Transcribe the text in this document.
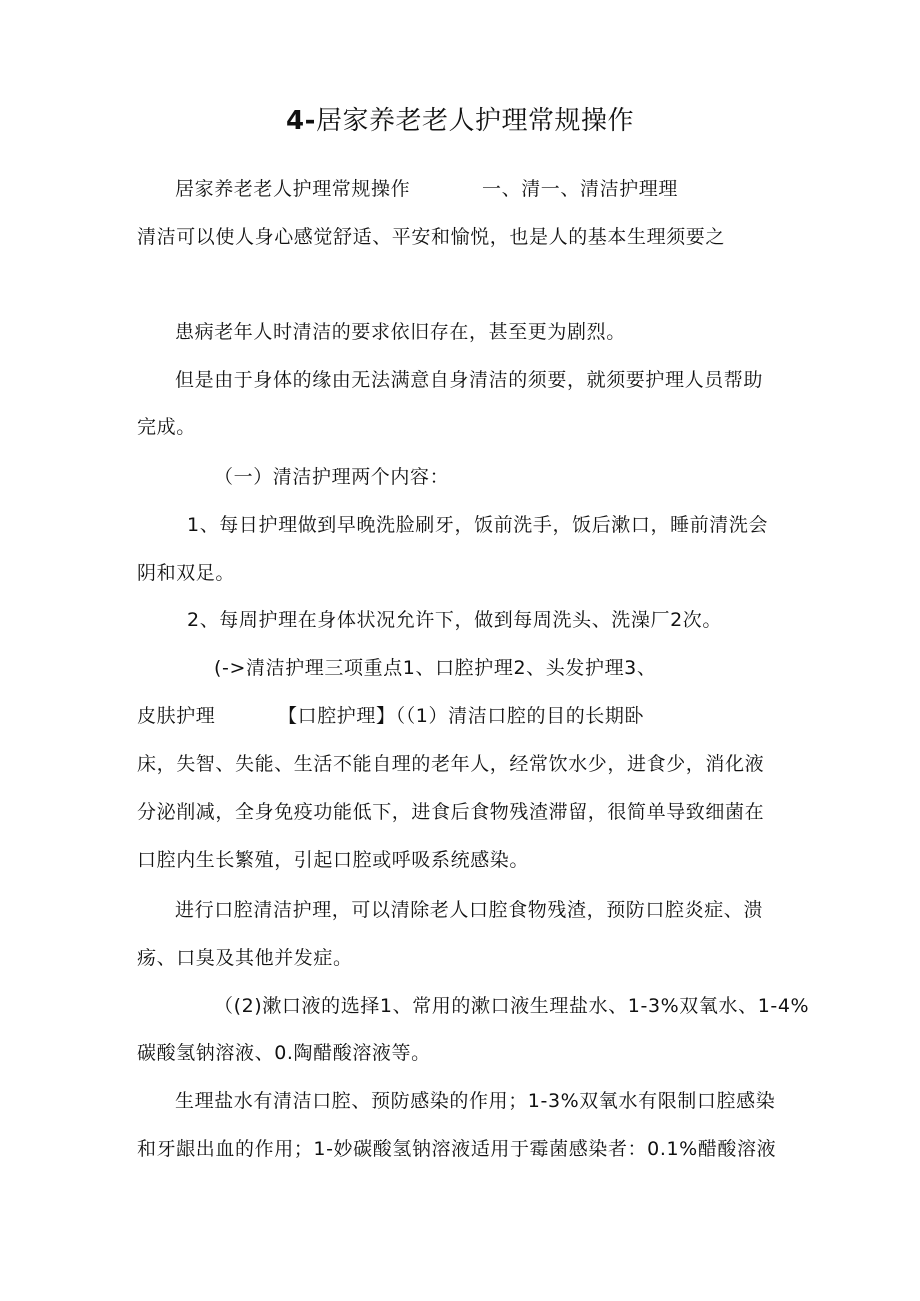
4-居家养老老人护理常规操作

居家养老老人护理常规操作	一、清一、清洁护理理

清洁可以使人身心感觉舒适、平安和愉悦，也是人的基本生理须要之

患病老年人时清洁的要求依旧存在，甚至更为剧烈。

但是由于身体的缘由无法满意自身清洁的须要，就须要护理人员帮助

完成。

（一）清洁护理两个内容：

1、每日护理做到早晚洗脸刷牙，饭前洗手，饭后漱口，睡前清洗会

阴和双足。

2、每周护理在身体状况允许下，做到每周洗头、洗澡厂2次。

(->清洁护理三项重点1、口腔护理2、头发护理3、

皮肤护理	【口腔护理】（（1）清洁口腔的目的长期卧

床，失智、失能、生活不能自理的老年人，经常饮水少，进食少，消化液

分泌削减，全身免疫功能低下，进食后食物残渣滞留，很简单导致细菌在

口腔内生长繁殖，引起口腔或呼吸系统感染。

进行口腔清洁护理，可以清除老人口腔食物残渣，预防口腔炎症、溃

疡、口臭及其他并发症。

（(2)漱口液的选择1、常用的漱口液生理盐水、1-3%双氧水、1-4%

碳酸氢钠溶液、0.陶醋酸溶液等。

生理盐水有清洁口腔、预防感染的作用；1-3%双氧水有限制口腔感染

和牙龈出血的作用；1-妙碳酸氢钠溶液适用于霉菌感染者：0.1%醋酸溶液
